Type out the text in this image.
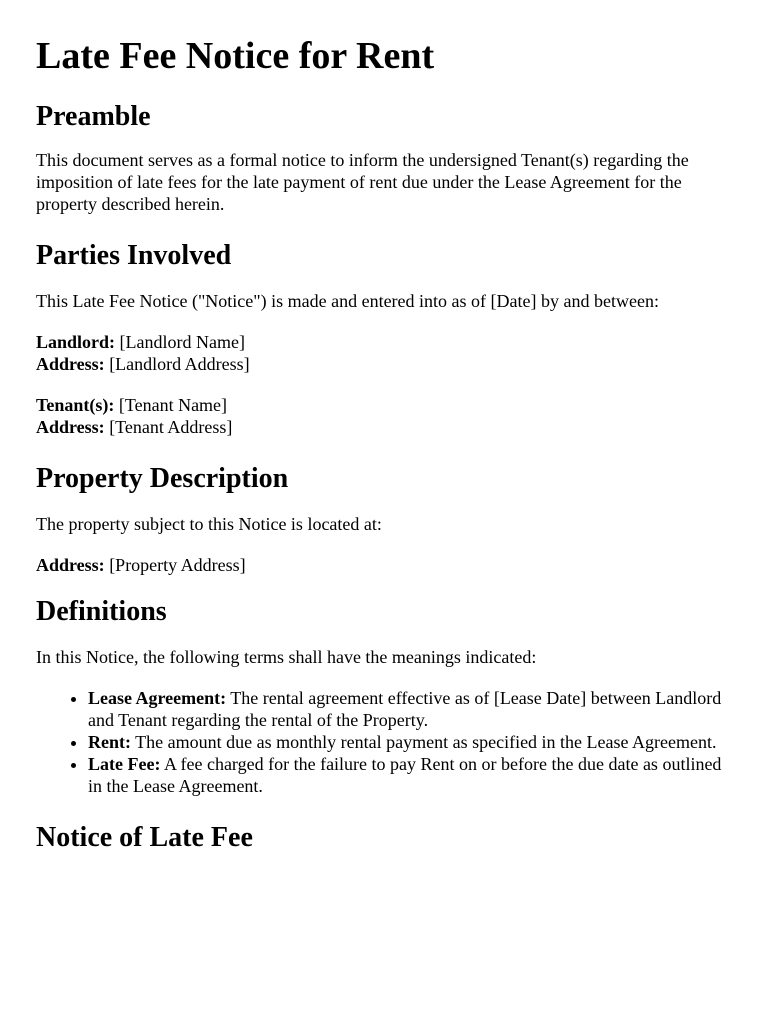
Late Fee Notice for Rent
Preamble

This document serves as a formal notice to inform the undersigned Tenant(s) regarding the imposition of late fees for the late payment of rent due under the Lease Agreement for the property described herein.

Parties Involved

This Late Fee Notice ("Notice") is made and entered into as of [Date] by and between:

Landlord: [Landlord Name]
Address: [Landlord Address]

Tenant(s): [Tenant Name]
Address: [Tenant Address]

Property Description

The property subject to this Notice is located at:

Address: [Property Address]

Definitions

In this Notice, the following terms shall have the meanings indicated:

• Lease Agreement: The rental agreement effective as of [Lease Date] between Landlord and Tenant regarding the rental of the Property.
• Rent: The amount due as monthly rental payment as specified in the Lease Agreement.
• Late Fee: A fee charged for the failure to pay Rent on or before the due date as outlined in the Lease Agreement.
Notice of Late Fee
